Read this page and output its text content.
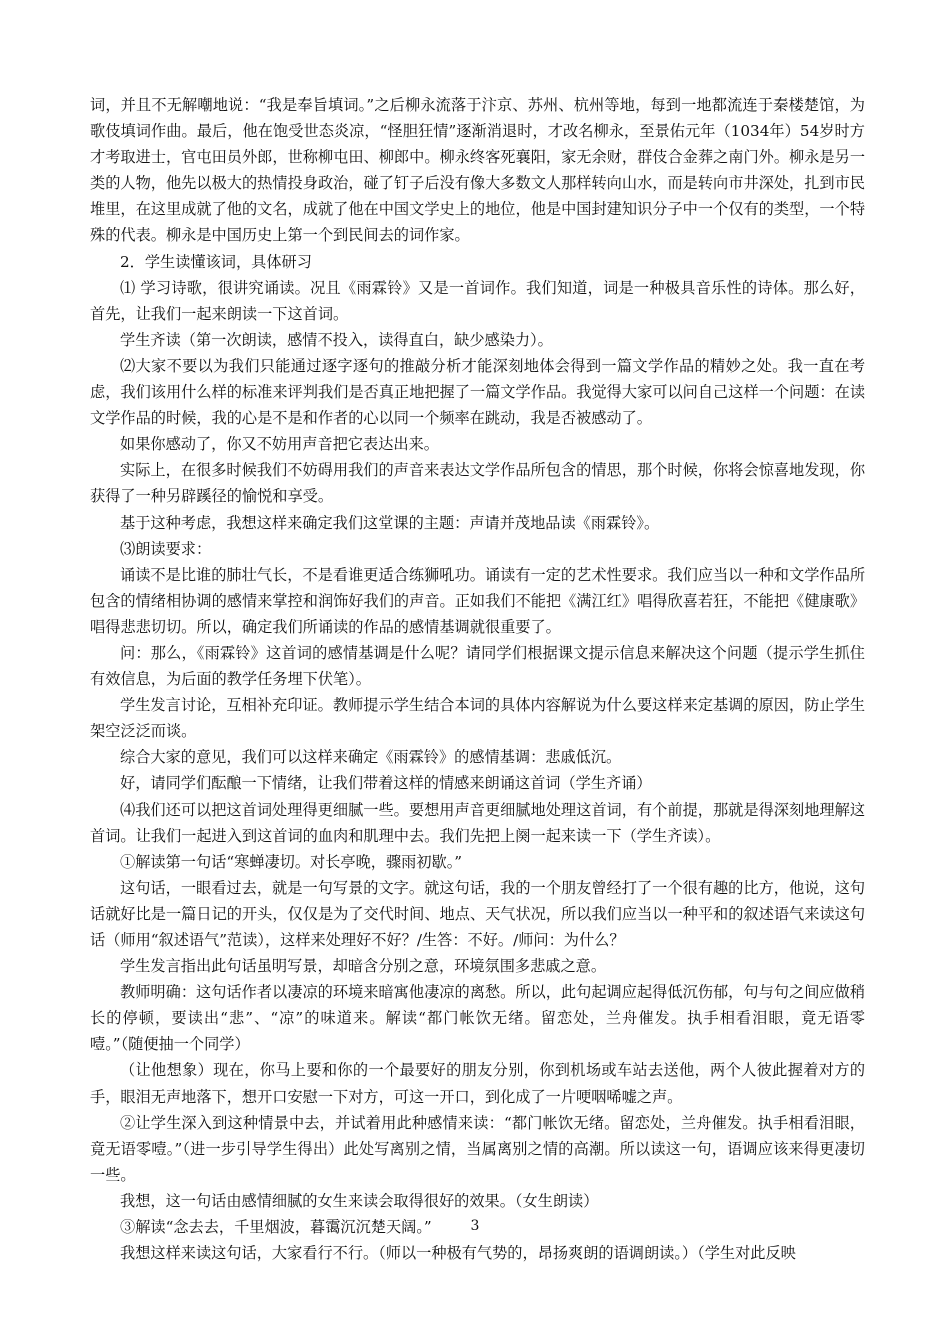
词，并且不无解嘲地说：“我是奉旨填词。”之后柳永流落于汴京、苏州、杭州等地，每到一地都流连于秦楼楚馆，为歌伎填词作曲。最后，他在饱受世态炎凉，“怪胆狂情”逐渐消退时，才改名柳永，至景佑元年（1034年）54岁时方才考取进士，官屯田员外郎，世称柳屯田、柳郎中。柳永终客死襄阳，家无余财，群伎合金葬之南门外。柳永是另一类的人物，他先以极大的热情投身政治，碰了钉子后没有像大多数文人那样转向山水，而是转向市井深处，扎到市民堆里，在这里成就了他的文名，成就了他在中国文学史上的地位，他是中国封建知识分子中一个仅有的类型，一个特殊的代表。柳永是中国历史上第一个到民间去的词作家。

2．学生读懂该词，具体研习

⑴ 学习诗歌，很讲究诵读。况且《雨霖铃》又是一首词作。我们知道，词是一种极具音乐性的诗体。那么好，首先，让我们一起来朗读一下这首词。

学生齐读（第一次朗读，感情不投入，读得直白，缺少感染力）。

⑵大家不要以为我们只能通过逐字逐句的推敲分析才能深刻地体会得到一篇文学作品的精妙之处。我一直在考虑，我们该用什么样的标准来评判我们是否真正地把握了一篇文学作品。我觉得大家可以问自己这样一个问题：在读文学作品的时候，我的心是不是和作者的心以同一个频率在跳动，我是否被感动了。

如果你感动了，你又不妨用声音把它表达出来。

实际上，在很多时候我们不妨碍用我们的声音来表达文学作品所包含的情思，那个时候，你将会惊喜地发现，你获得了一种另辟蹊径的愉悦和享受。

基于这种考虑，我想这样来确定我们这堂课的主题：声请并茂地品读《雨霖铃》。

⑶朗读要求：

诵读不是比谁的肺壮气长，不是看谁更适合练狮吼功。诵读有一定的艺术性要求。我们应当以一种和文学作品所包含的情绪相协调的感情来掌控和润饰好我们的声音。正如我们不能把《满江红》唱得欣喜若狂，不能把《健康歌》唱得悲悲切切。所以，确定我们所诵读的作品的感情基调就很重要了。

问：那么，《雨霖铃》这首词的感情基调是什么呢？请同学们根据课文提示信息来解决这个问题（提示学生抓住有效信息，为后面的教学任务埋下伏笔）。

学生发言讨论，互相补充印证。教师提示学生结合本词的具体内容解说为什么要这样来定基调的原因，防止学生架空泛泛而谈。

综合大家的意见，我们可以这样来确定《雨霖铃》的感情基调：悲戚低沉。

好，请同学们酝酿一下情绪，让我们带着这样的情感来朗诵这首词（学生齐诵）

⑷我们还可以把这首词处理得更细腻一些。要想用声音更细腻地处理这首词，有个前提，那就是得深刻地理解这首词。让我们一起进入到这首词的血肉和肌理中去。我们先把上阕一起来读一下（学生齐读）。

①解读第一句话“寒蝉凄切。对长亭晚，骤雨初歇。”

这句话，一眼看过去，就是一句写景的文字。就这句话，我的一个朋友曾经打了一个很有趣的比方，他说，这句话就好比是一篇日记的开头，仅仅是为了交代时间、地点、天气状况，所以我们应当以一种平和的叙述语气来读这句话（师用“叙述语气”范读），这样来处理好不好？/生答：不好。/师问：为什么？

学生发言指出此句话虽明写景，却暗含分别之意，环境氛围多悲戚之意。

教师明确：这句话作者以凄凉的环境来暗寓他凄凉的离愁。所以，此句起调应起得低沉伤郁，句与句之间应做稍长的停顿，要读出“悲”、“凉”的味道来。解读“都门帐饮无绪。留恋处，兰舟催发。执手相看泪眼，竟无语零噎。”（随便抽一个同学）

（让他想象）现在，你马上要和你的一个最要好的朋友分别，你到机场或车站去送他，两个人彼此握着对方的手，眼泪无声地落下，想开口安慰一下对方，可这一开口，到化成了一片哽咽唏嘘之声。

②让学生深入到这种情景中去，并试着用此种感情来读：“都门帐饮无绪。留恋处，兰舟催发。执手相看泪眼，竟无语零噎。”（进一步引导学生得出）此处写离别之情，当属离别之情的高潮。所以读这一句，语调应该来得更凄切一些。

我想，这一句话由感情细腻的女生来读会取得很好的效果。（女生朗读）

③解读“念去去，千里烟波，暮霭沉沉楚天阔。”

我想这样来读这句话，大家看行不行。（师以一种极有气势的，昂扬爽朗的语调朗读。）（学生对此反映

3
